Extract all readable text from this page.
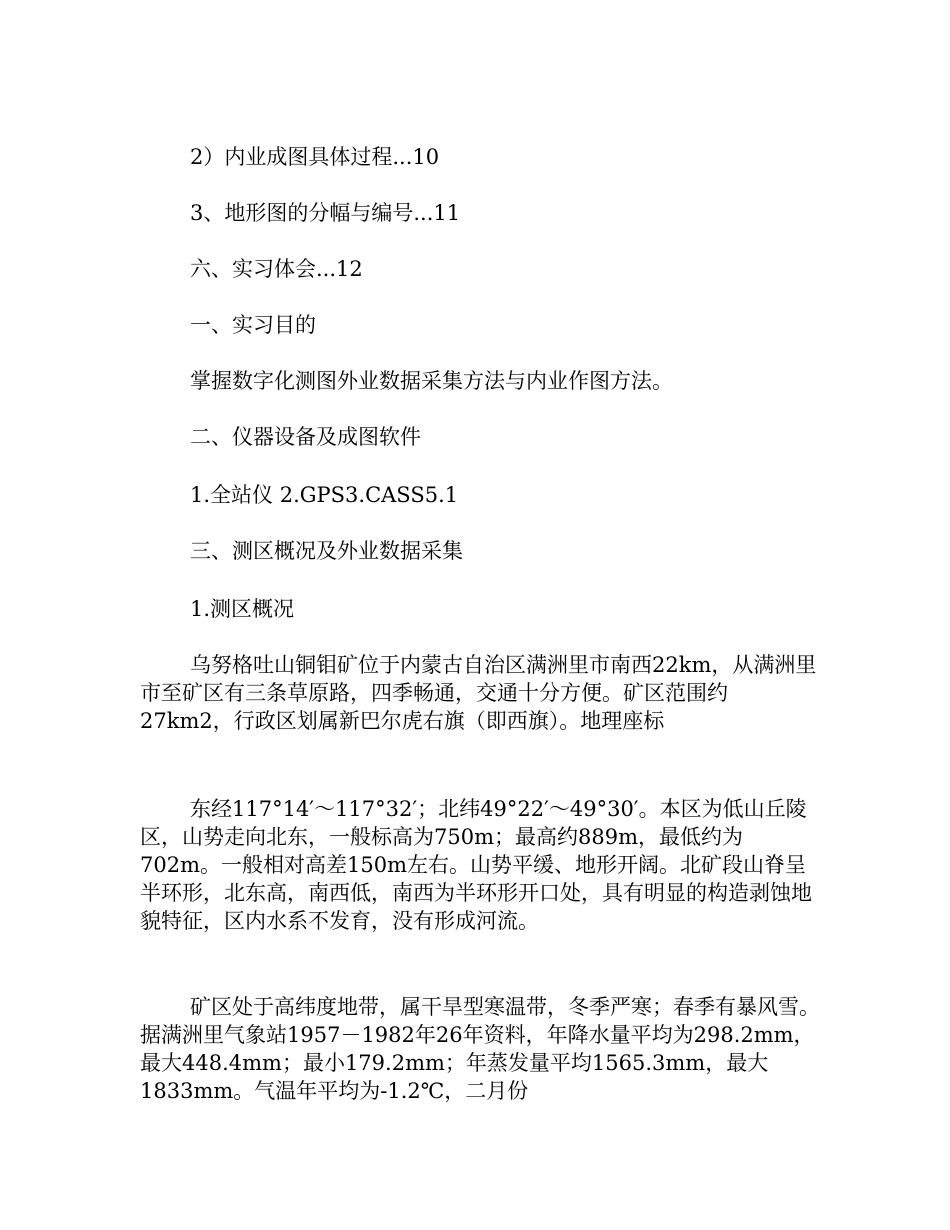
2）内业成图具体过程...10
3、地形图的分幅与编号...11
六、实习体会...12
一、实习目的
掌握数字化测图外业数据采集方法与内业作图方法。
二、仪器设备及成图软件
1.全站仪 2.GPS3.CASS5.1
三、测区概况及外业数据采集
1.测区概况

乌努格吐山铜钼矿位于内蒙古自治区满洲里市南西22km，从满洲里市至矿区有三条草原路，四季畅通，交通十分方便。矿区范围约27km2，行政区划属新巴尔虎右旗（即西旗）。地理座标

东经117°14′～117°32′；北纬49°22′～49°30′。本区为低山丘陵区，山势走向北东，一般标高为750m；最高约889m，最低约为702m。一般相对高差150m左右。山势平缓、地形开阔。北矿段山脊呈半环形，北东高，南西低，南西为半环形开口处，具有明显的构造剥蚀地貌特征，区内水系不发育，没有形成河流。

矿区处于高纬度地带，属干旱型寒温带，冬季严寒；春季有暴风雪。据满洲里气象站1957－1982年26年资料，年降水量平均为298.2mm，最大448.4mm；最小179.2mm；年蒸发量平均1565.3mm，最大1833mm。气温年平均为-1.2℃，二月份
